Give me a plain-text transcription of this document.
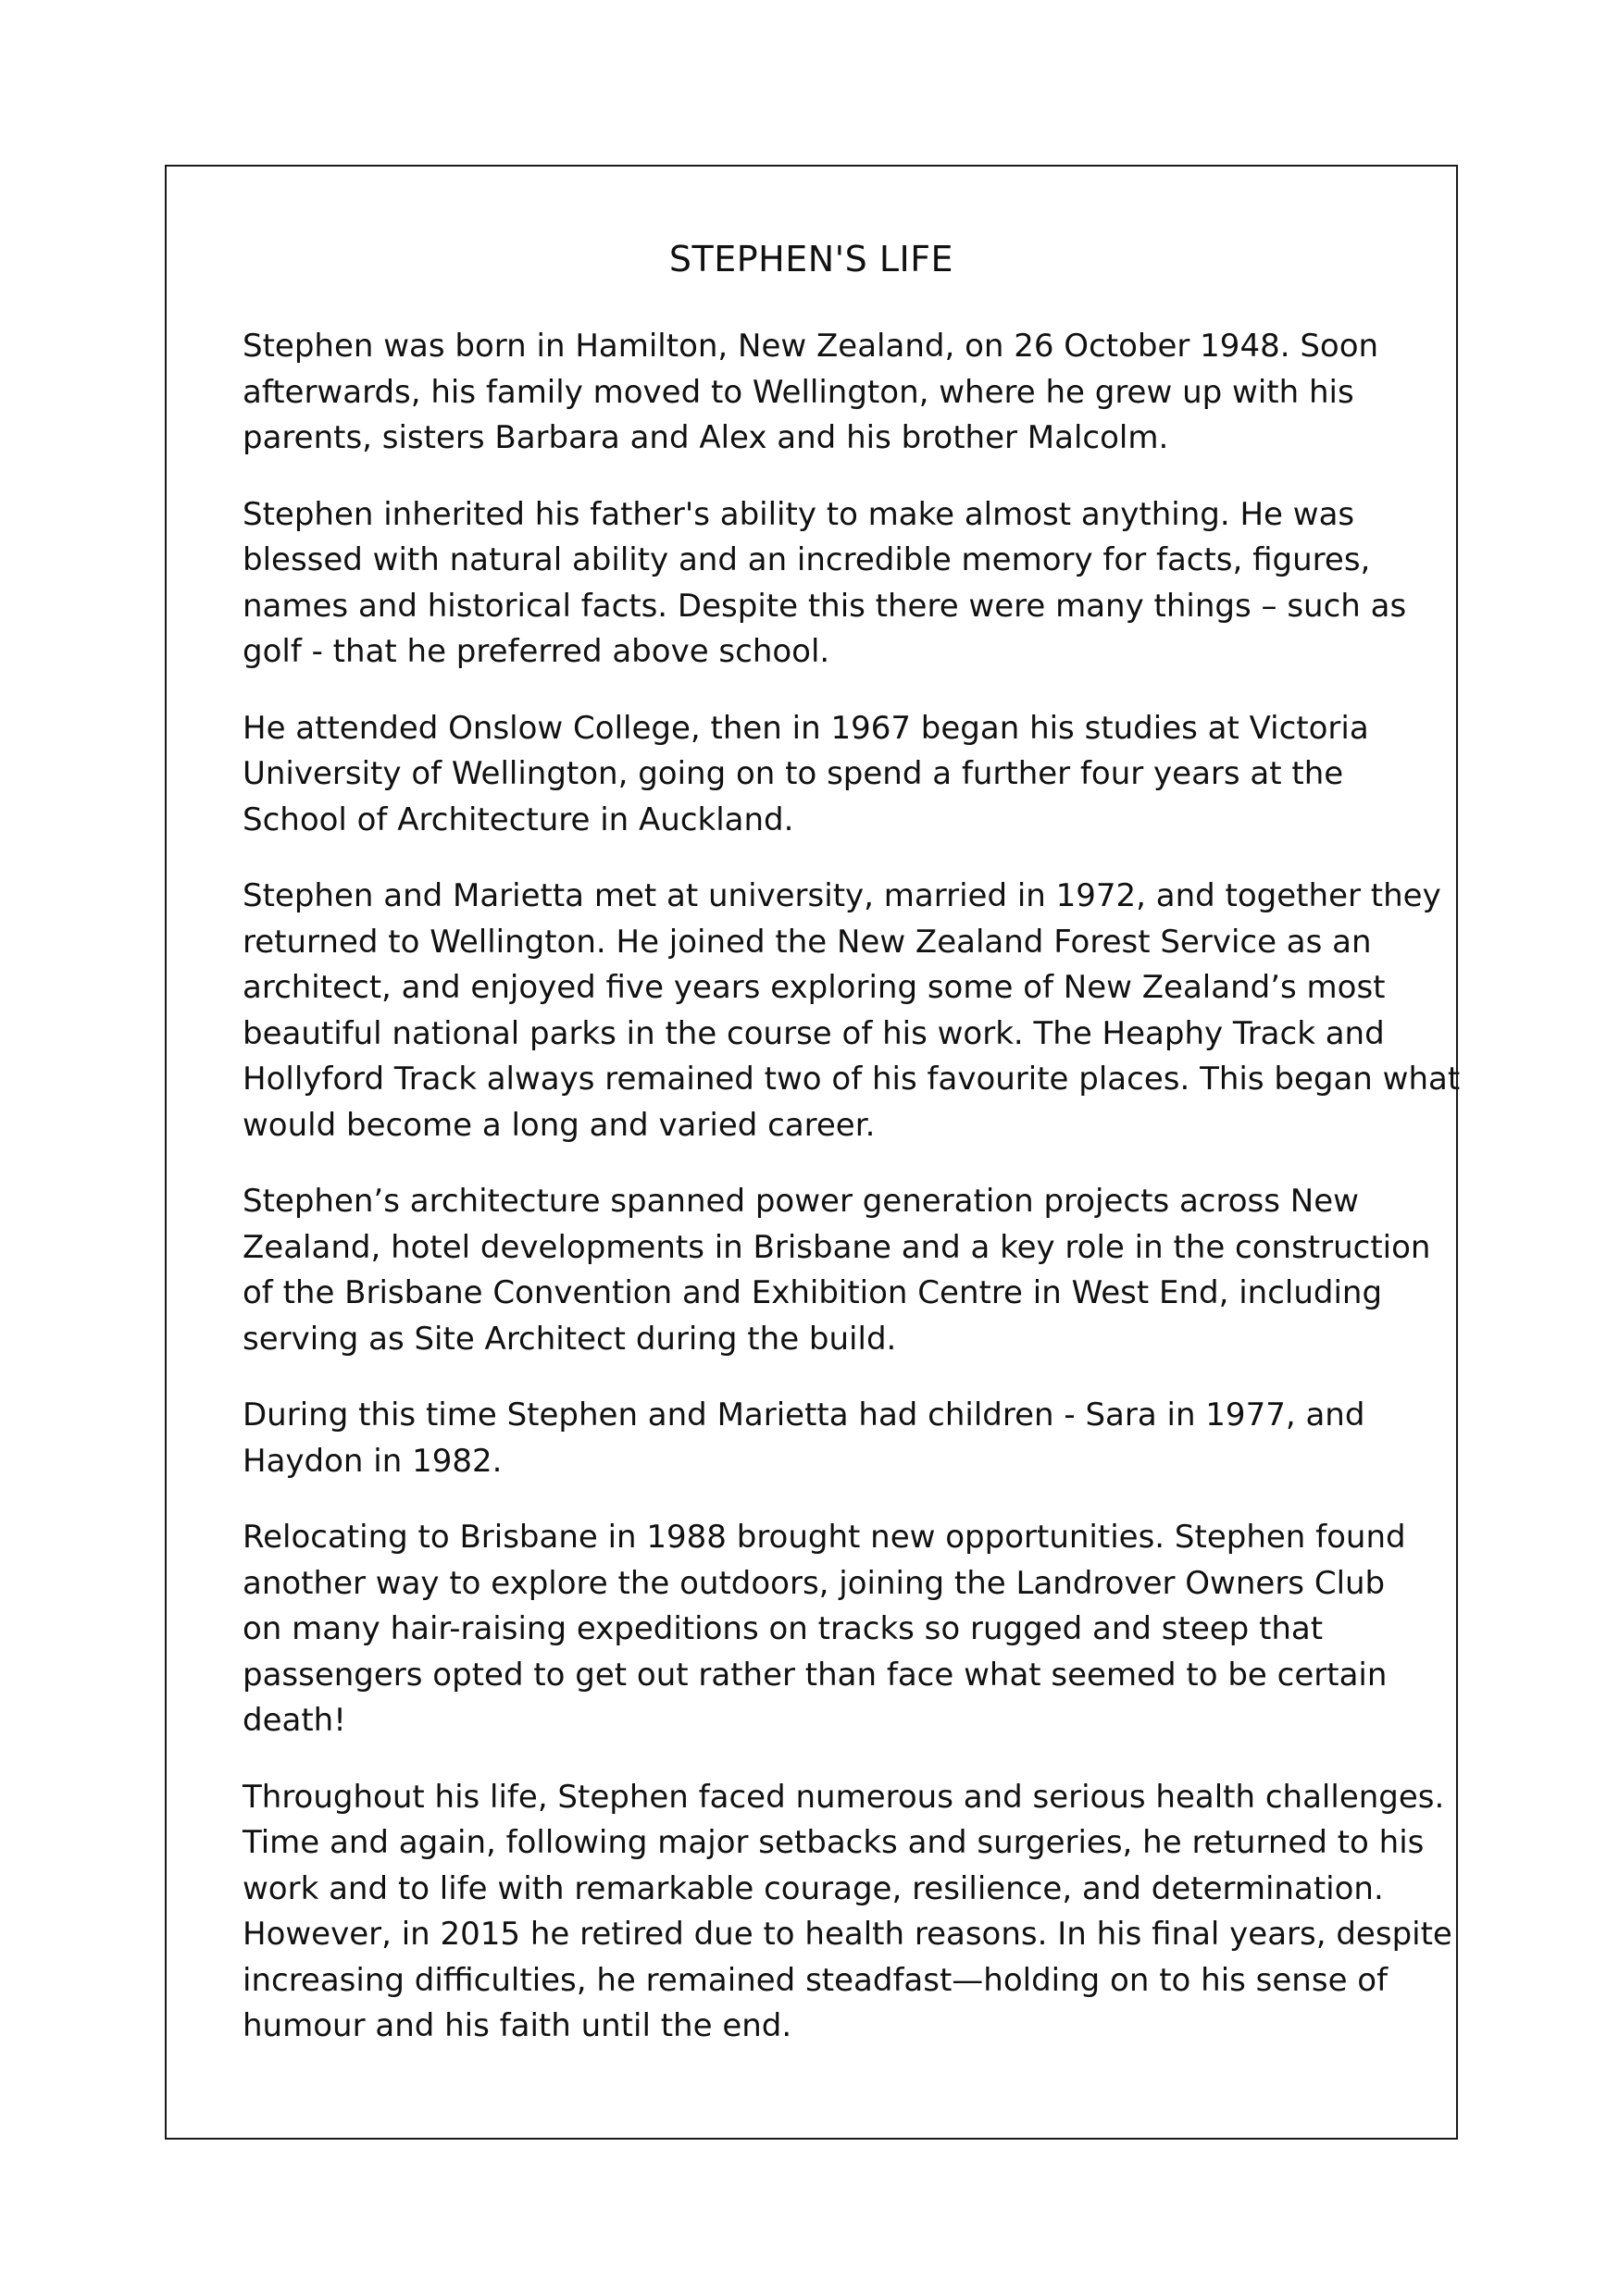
STEPHEN'S LIFE

Stephen was born in Hamilton, New Zealand, on 26 October 1948. Soon
afterwards, his family moved to Wellington, where he grew up with his
parents, sisters Barbara and Alex and his brother Malcolm.

Stephen inherited his father's ability to make almost anything. He was
blessed with natural ability and an incredible memory for facts, figures,
names and historical facts. Despite this there were many things – such as
golf - that he preferred above school.

He attended Onslow College, then in 1967 began his studies at Victoria
University of Wellington, going on to spend a further four years at the
School of Architecture in Auckland.

Stephen and Marietta met at university, married in 1972, and together they
returned to Wellington. He joined the New Zealand Forest Service as an
architect, and enjoyed five years exploring some of New Zealand’s most
beautiful national parks in the course of his work. The Heaphy Track and
Hollyford Track always remained two of his favourite places. This began what
would become a long and varied career.

Stephen’s architecture spanned power generation projects across New
Zealand, hotel developments in Brisbane and a key role in the construction
of the Brisbane Convention and Exhibition Centre in West End, including
serving as Site Architect during the build.

During this time Stephen and Marietta had children - Sara in 1977, and
Haydon in 1982.

Relocating to Brisbane in 1988 brought new opportunities. Stephen found
another way to explore the outdoors, joining the Landrover Owners Club
on many hair-raising expeditions on tracks so rugged and steep that
passengers opted to get out rather than face what seemed to be certain
death!

Throughout his life, Stephen faced numerous and serious health challenges.
Time and again, following major setbacks and surgeries, he returned to his
work and to life with remarkable courage, resilience, and determination.
However, in 2015 he retired due to health reasons. In his final years, despite
increasing difficulties, he remained steadfast—holding on to his sense of
humour and his faith until the end.
